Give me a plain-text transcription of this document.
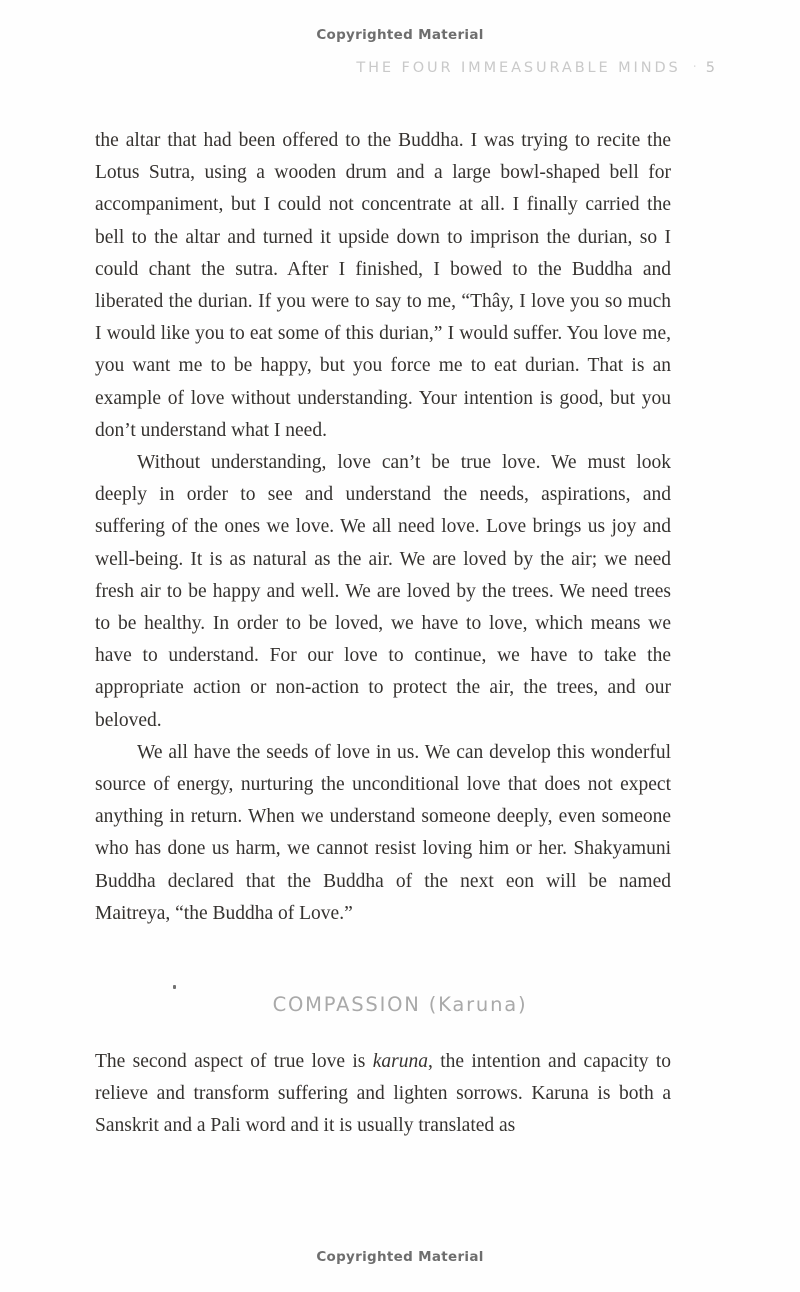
Copyrighted Material
THE FOUR IMMEASURABLE MINDS · 5

the altar that had been offered to the Buddha. I was trying to recite the Lotus Sutra, using a wooden drum and a large bowl-shaped bell for accompaniment, but I could not concentrate at all. I finally carried the bell to the altar and turned it upside down to imprison the durian, so I could chant the sutra. After I finished, I bowed to the Buddha and liberated the durian. If you were to say to me, “Thây, I love you so much I would like you to eat some of this durian,” I would suffer. You love me, you want me to be happy, but you force me to eat durian. That is an example of love without understanding. Your intention is good, but you don’t understand what I need.

Without understanding, love can’t be true love. We must look deeply in order to see and understand the needs, aspirations, and suffering of the ones we love. We all need love. Love brings us joy and well-being. It is as natural as the air. We are loved by the air; we need fresh air to be happy and well. We are loved by the trees. We need trees to be healthy. In order to be loved, we have to love, which means we have to understand. For our love to continue, we have to take the appropriate action or non-action to protect the air, the trees, and our beloved.

We all have the seeds of love in us. We can develop this wonderful source of energy, nurturing the unconditional love that does not expect anything in return. When we understand someone deeply, even someone who has done us harm, we cannot resist loving him or her. Shakyamuni Buddha declared that the Buddha of the next eon will be named Maitreya, “the Buddha of Love.”

COMPASSION (Karuna)

The second aspect of true love is karuna, the intention and capacity to relieve and transform suffering and lighten sorrows. Karuna is both a Sanskrit and a Pali word and it is usually translated as

Copyrighted Material
